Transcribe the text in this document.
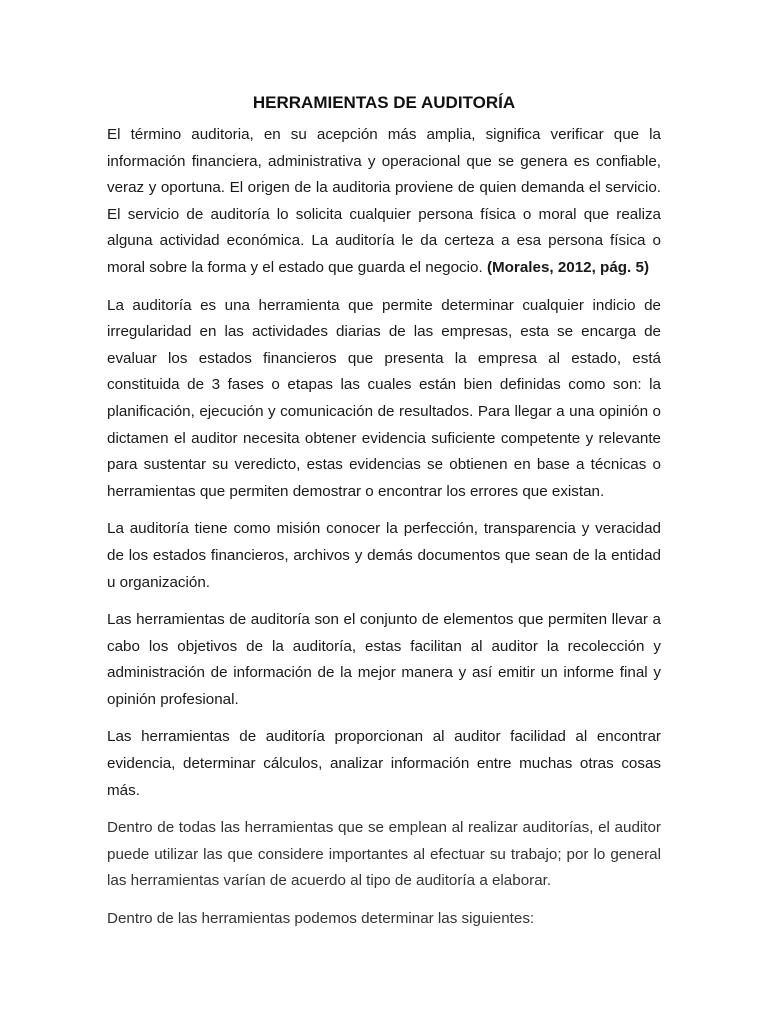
HERRAMIENTAS DE AUDITORÍA

El término auditoria, en su acepción más amplia, significa verificar que la información financiera, administrativa y operacional que se genera es confiable, veraz y oportuna. El origen de la auditoria proviene de quien demanda el servicio. El servicio de auditoría lo solicita cualquier persona física o moral que realiza alguna actividad económica. La auditoría le da certeza a esa persona física o moral sobre la forma y el estado que guarda el negocio. (Morales, 2012, pág. 5)

La auditoría es una herramienta que permite determinar cualquier indicio de irregularidad en las actividades diarias de las empresas, esta se encarga de evaluar los estados financieros que presenta la empresa al estado, está constituida de 3 fases o etapas las cuales están bien definidas como son: la planificación, ejecución y comunicación de resultados. Para llegar a una opinión o dictamen el auditor necesita obtener evidencia suficiente competente y relevante para sustentar su veredicto, estas evidencias se obtienen en base a técnicas o herramientas que permiten demostrar o encontrar los errores que existan.

La auditoría tiene como misión conocer la perfección, transparencia y veracidad de los estados financieros, archivos y demás documentos que sean de la entidad u organización.

Las herramientas de auditoría son el conjunto de elementos que permiten llevar a cabo los objetivos de la auditoría, estas facilitan al auditor la recolección y administración de información de la mejor manera y así emitir un informe final y opinión profesional.

Las herramientas de auditoría proporcionan al auditor facilidad al encontrar evidencia, determinar cálculos, analizar información entre muchas otras cosas más.

Dentro de todas las herramientas que se emplean al realizar auditorías, el auditor puede utilizar las que considere importantes al efectuar su trabajo; por lo general las herramientas varían de acuerdo al tipo de auditoría a elaborar.

Dentro de las herramientas podemos determinar las siguientes:
